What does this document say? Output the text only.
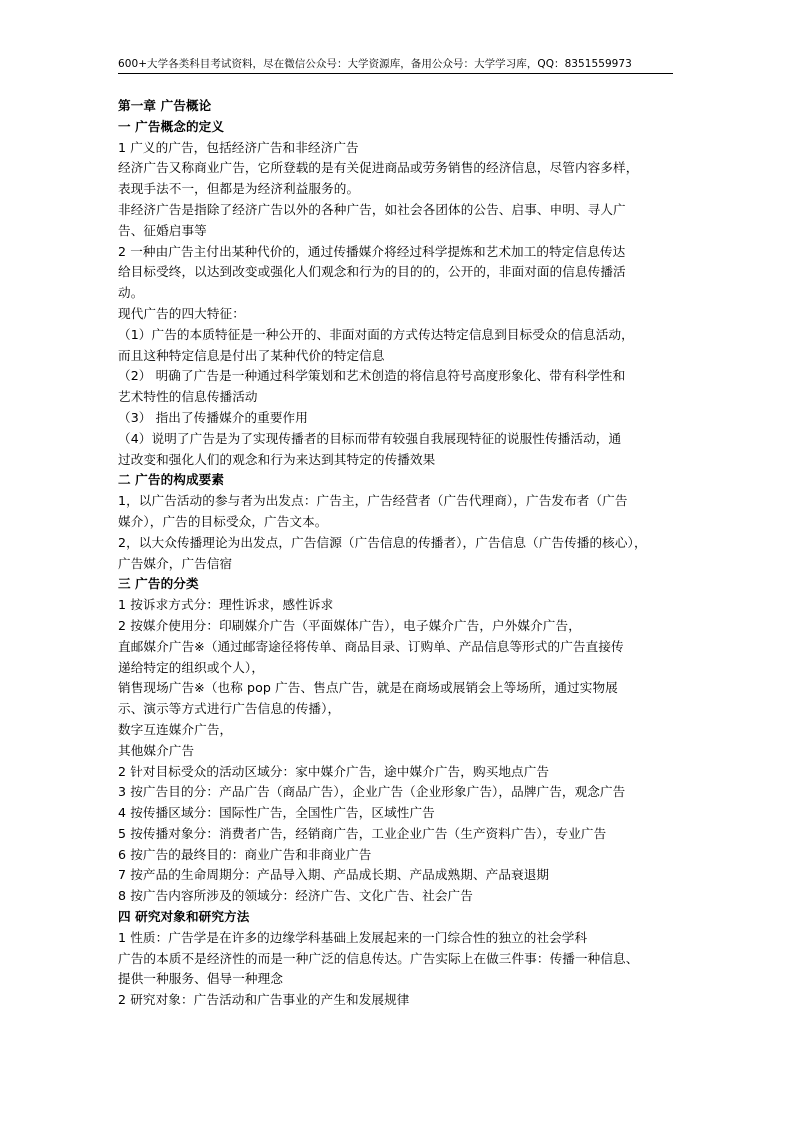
600+大学各类科目考试资料，尽在微信公众号：大学资源库，备用公众号：大学学习库，QQ：8351559973
第一章 广告概论
一 广告概念的定义
1 广义的广告，包括经济广告和非经济广告
经济广告又称商业广告，它所登载的是有关促进商品或劳务销售的经济信息，尽管内容多样，
表现手法不一，但都是为经济利益服务的。
非经济广告是指除了经济广告以外的各种广告，如社会各团体的公告、启事、申明、寻人广
告、征婚启事等
2 一种由广告主付出某种代价的，通过传播媒介将经过科学提炼和艺术加工的特定信息传达
给目标受终，以达到改变或强化人们观念和行为的目的的，公开的，非面对面的信息传播活
动。
现代广告的四大特征：
（1）广告的本质特征是一种公开的、非面对面的方式传达特定信息到目标受众的信息活动，
而且这种特定信息是付出了某种代价的特定信息
（2） 明确了广告是一种通过科学策划和艺术创造的将信息符号高度形象化、带有科学性和
艺术特性的信息传播活动
（3） 指出了传播媒介的重要作用
（4）说明了广告是为了实现传播者的目标而带有较强自我展现特征的说服性传播活动，通
过改变和强化人们的观念和行为来达到其特定的传播效果
二 广告的构成要素
1，以广告活动的参与者为出发点：广告主，广告经营者（广告代理商），广告发布者（广告
媒介），广告的目标受众，广告文本。
2，以大众传播理论为出发点，广告信源（广告信息的传播者），广告信息（广告传播的核心），
广告媒介，广告信宿
三 广告的分类
1 按诉求方式分：理性诉求，感性诉求
2 按媒介使用分：印刷媒介广告（平面媒体广告），电子媒介广告，户外媒介广告，
直邮媒介广告※（通过邮寄途径将传单、商品目录、订购单、产品信息等形式的广告直接传
递给特定的组织或个人），
销售现场广告※（也称 pop 广告、售点广告，就是在商场或展销会上等场所，通过实物展
示、演示等方式进行广告信息的传播），
数字互连媒介广告，
其他媒介广告
2 针对目标受众的活动区域分：家中媒介广告，途中媒介广告，购买地点广告
3 按广告目的分：产品广告（商品广告），企业广告（企业形象广告），品牌广告，观念广告
4 按传播区域分：国际性广告，全国性广告，区域性广告
5 按传播对象分：消费者广告，经销商广告，工业企业广告（生产资料广告），专业广告
6 按广告的最终目的：商业广告和非商业广告
7 按产品的生命周期分：产品导入期、产品成长期、产品成熟期、产品衰退期
8 按广告内容所涉及的领域分：经济广告、文化广告、社会广告
四 研究对象和研究方法
1 性质：广告学是在许多的边缘学科基础上发展起来的一门综合性的独立的社会学科
广告的本质不是经济性的而是一种广泛的信息传达。广告实际上在做三件事：传播一种信息、
提供一种服务、倡导一种理念
2 研究对象：广告活动和广告事业的产生和发展规律
